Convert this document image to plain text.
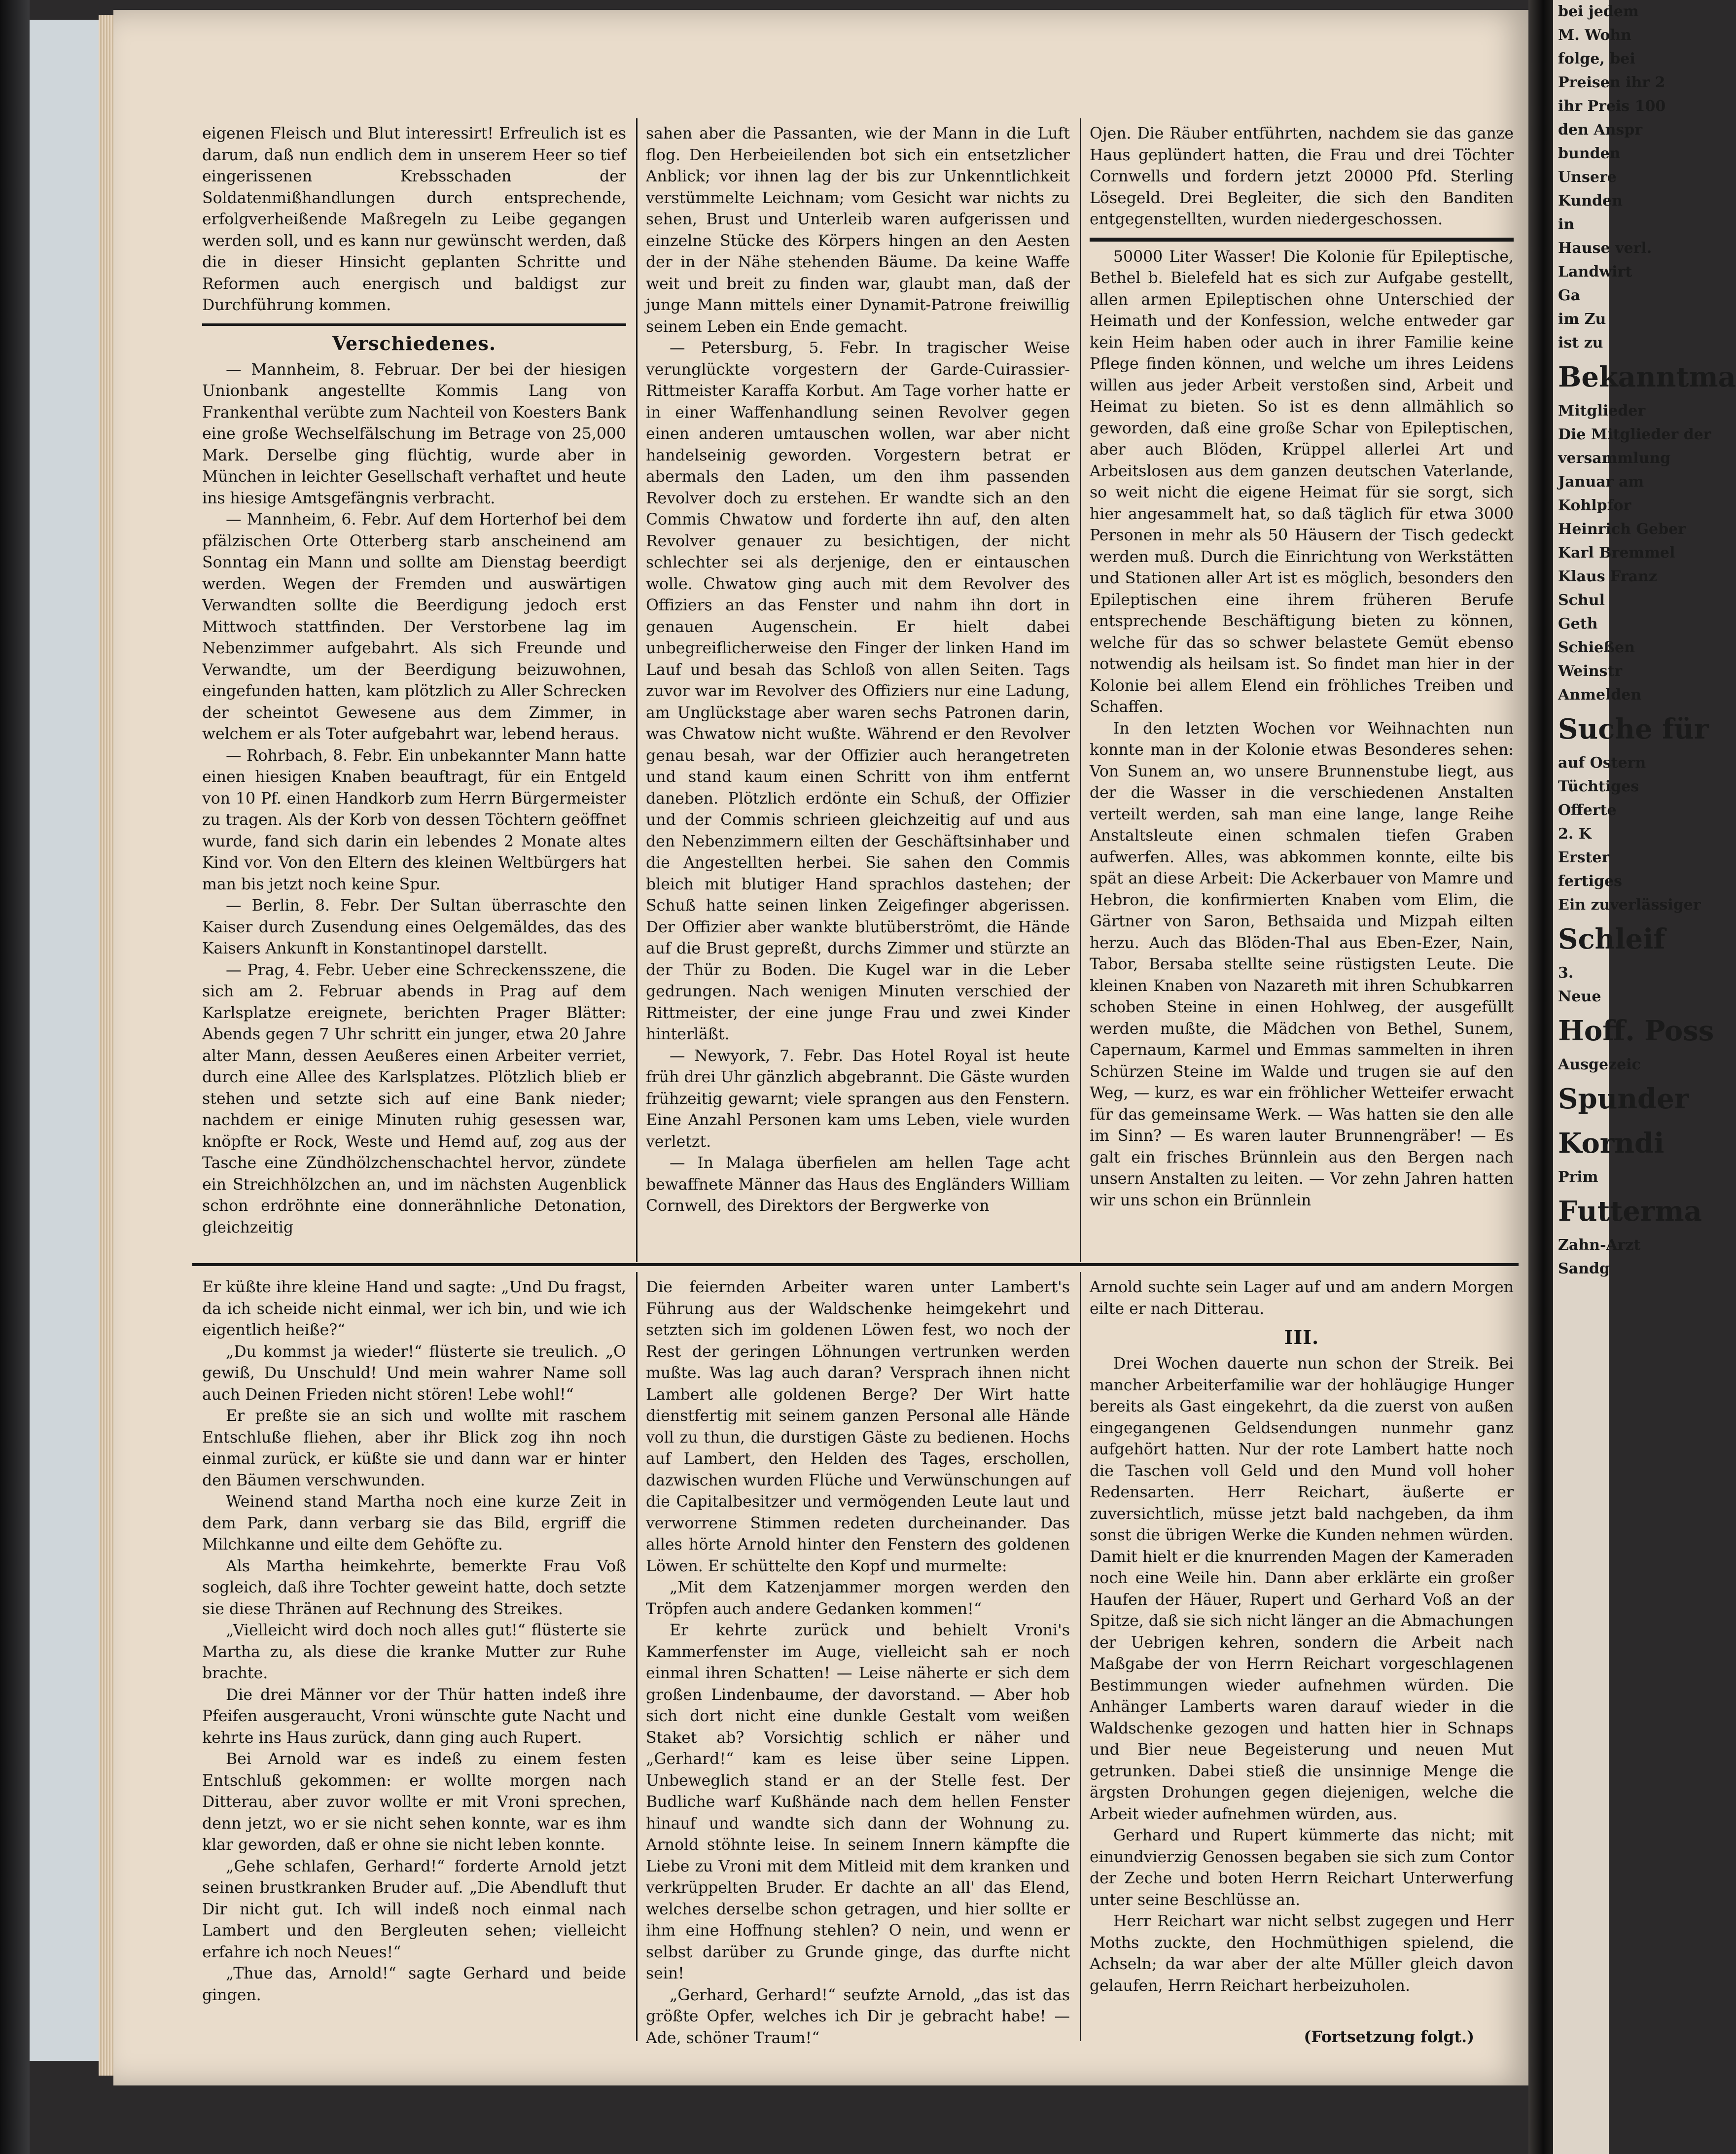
eigenen Fleisch und Blut interessirt! Erfreulich ist es darum, daß nun endlich dem in unserem Heer so tief eingerissenen Krebsschaden der Soldatenmißhandlungen durch entsprechende, erfolgverheißende Maßregeln zu Leibe gegangen werden soll, und es kann nur gewünscht werden, daß die in dieser Hinsicht geplanten Schritte und Reformen auch energisch und baldigst zur Durchführung kommen.

Verschiedenes.

— Mannheim, 8. Februar. Der bei der hiesigen Unionbank angestellte Kommis Lang von Frankenthal verübte zum Nachteil von Koesters Bank eine große Wechselfälschung im Betrage von 25,000 Mark. Derselbe ging flüchtig, wurde aber in München in leichter Gesellschaft verhaftet und heute ins hiesige Amtsgefängnis verbracht.

— Mannheim, 6. Febr. Auf dem Horterhof bei dem pfälzischen Orte Otterberg starb anscheinend am Sonntag ein Mann und sollte am Dienstag beerdigt werden. Wegen der Fremden und auswärtigen Verwandten sollte die Beerdigung jedoch erst Mittwoch stattfinden. Der Verstorbene lag im Nebenzimmer aufgebahrt. Als sich Freunde und Verwandte, um der Beerdigung beizuwohnen, eingefunden hatten, kam plötzlich zu Aller Schrecken der scheintot Gewesene aus dem Zimmer, in welchem er als Toter aufgebahrt war, lebend heraus.

— Rohrbach, 8. Febr. Ein unbekannter Mann hatte einen hiesigen Knaben beauftragt, für ein Entgeld von 10 Pf. einen Handkorb zum Herrn Bürgermeister zu tragen. Als der Korb von dessen Töchtern geöffnet wurde, fand sich darin ein lebendes 2 Monate altes Kind vor. Von den Eltern des kleinen Weltbürgers hat man bis jetzt noch keine Spur.

— Berlin, 8. Febr. Der Sultan überraschte den Kaiser durch Zusendung eines Oelgemäldes, das des Kaisers Ankunft in Konstantinopel darstellt.

— Prag, 4. Febr. Ueber eine Schreckensszene, die sich am 2. Februar abends in Prag auf dem Karlsplatze ereignete, berichten Prager Blätter: Abends gegen 7 Uhr schritt ein junger, etwa 20 Jahre alter Mann, dessen Aeußeres einen Arbeiter verriet, durch eine Allee des Karlsplatzes. Plötzlich blieb er stehen und setzte sich auf eine Bank nieder; nachdem er einige Minuten ruhig gesessen war, knöpfte er Rock, Weste und Hemd auf, zog aus der Tasche eine Zündhölzchenschachtel hervor, zündete ein Streichhölzchen an, und im nächsten Augenblick schon erdröhnte eine donnerähnliche Detonation, gleichzeitig

sahen aber die Passanten, wie der Mann in die Luft flog. Den Herbeieilenden bot sich ein entsetzlicher Anblick; vor ihnen lag der bis zur Unkenntlichkeit verstümmelte Leichnam; vom Gesicht war nichts zu sehen, Brust und Unterleib waren aufgerissen und einzelne Stücke des Körpers hingen an den Aesten der in der Nähe stehenden Bäume. Da keine Waffe weit und breit zu finden war, glaubt man, daß der junge Mann mittels einer Dynamit-Patrone freiwillig seinem Leben ein Ende gemacht.

— Petersburg, 5. Febr. In tragischer Weise verunglückte vorgestern der Garde-Cuirassier-Rittmeister Karaffa Korbut. Am Tage vorher hatte er in einer Waffenhandlung seinen Revolver gegen einen anderen umtauschen wollen, war aber nicht handelseinig geworden. Vorgestern betrat er abermals den Laden, um den ihm passenden Revolver doch zu erstehen. Er wandte sich an den Commis Chwatow und forderte ihn auf, den alten Revolver genauer zu besichtigen, der nicht schlechter sei als derjenige, den er eintauschen wolle. Chwatow ging auch mit dem Revolver des Offiziers an das Fenster und nahm ihn dort in genauen Augenschein. Er hielt dabei unbegreiflicherweise den Finger der linken Hand im Lauf und besah das Schloß von allen Seiten. Tags zuvor war im Revolver des Offiziers nur eine Ladung, am Unglückstage aber waren sechs Patronen darin, was Chwatow nicht wußte. Während er den Revolver genau besah, war der Offizier auch herangetreten und stand kaum einen Schritt von ihm entfernt daneben. Plötzlich erdönte ein Schuß, der Offizier und der Commis schrieen gleichzeitig auf und aus den Nebenzimmern eilten der Geschäftsinhaber und die Angestellten herbei. Sie sahen den Commis bleich mit blutiger Hand sprachlos dastehen; der Schuß hatte seinen linken Zeigefinger abgerissen. Der Offizier aber wankte blutüberströmt, die Hände auf die Brust gepreßt, durchs Zimmer und stürzte an der Thür zu Boden. Die Kugel war in die Leber gedrungen. Nach wenigen Minuten verschied der Rittmeister, der eine junge Frau und zwei Kinder hinterläßt.

— Newyork, 7. Febr. Das Hotel Royal ist heute früh drei Uhr gänzlich abgebrannt. Die Gäste wurden frühzeitig gewarnt; viele sprangen aus den Fenstern. Eine Anzahl Personen kam ums Leben, viele wurden verletzt.

— In Malaga überfielen am hellen Tage acht bewaffnete Männer das Haus des Engländers William Cornwell, des Direktors der Bergwerke von

Ojen. Die Räuber entführten, nachdem sie das ganze Haus geplündert hatten, die Frau und drei Töchter Cornwells und fordern jetzt 20000 Pfd. Sterling Lösegeld. Drei Begleiter, die sich den Banditen entgegenstellten, wurden niedergeschossen.

50000 Liter Wasser! Die Kolonie für Epileptische, Bethel b. Bielefeld hat es sich zur Aufgabe gestellt, allen armen Epileptischen ohne Unterschied der Heimath und der Konfession, welche entweder gar kein Heim haben oder auch in ihrer Familie keine Pflege finden können, und welche um ihres Leidens willen aus jeder Arbeit verstoßen sind, Arbeit und Heimat zu bieten. So ist es denn allmählich so geworden, daß eine große Schar von Epileptischen, aber auch Blöden, Krüppel allerlei Art und Arbeitslosen aus dem ganzen deutschen Vaterlande, so weit nicht die eigene Heimat für sie sorgt, sich hier angesammelt hat, so daß täglich für etwa 3000 Personen in mehr als 50 Häusern der Tisch gedeckt werden muß. Durch die Einrichtung von Werkstätten und Stationen aller Art ist es möglich, besonders den Epileptischen eine ihrem früheren Berufe entsprechende Beschäftigung bieten zu können, welche für das so schwer belastete Gemüt ebenso notwendig als heilsam ist. So findet man hier in der Kolonie bei allem Elend ein fröhliches Treiben und Schaffen.

In den letzten Wochen vor Weihnachten nun konnte man in der Kolonie etwas Besonderes sehen: Von Sunem an, wo unsere Brunnenstube liegt, aus der die Wasser in die verschiedenen Anstalten verteilt werden, sah man eine lange, lange Reihe Anstaltsleute einen schmalen tiefen Graben aufwerfen. Alles, was abkommen konnte, eilte bis spät an diese Arbeit: Die Ackerbauer von Mamre und Hebron, die konfirmierten Knaben vom Elim, die Gärtner von Saron, Bethsaida und Mizpah eilten herzu. Auch das Blöden-Thal aus Eben-Ezer, Nain, Tabor, Bersaba stellte seine rüstigsten Leute. Die kleinen Knaben von Nazareth mit ihren Schubkarren schoben Steine in einen Hohlweg, der ausgefüllt werden mußte, die Mädchen von Bethel, Sunem, Capernaum, Karmel und Emmas sammelten in ihren Schürzen Steine im Walde und trugen sie auf den Weg, — kurz, es war ein fröhlicher Wetteifer erwacht für das gemeinsame Werk. — Was hatten sie den alle im Sinn? — Es waren lauter Brunnengräber! — Es galt ein frisches Brünnlein aus den Bergen nach unsern Anstalten zu leiten. — Vor zehn Jahren hatten wir uns schon ein Brünnlein

Er küßte ihre kleine Hand und sagte: „Und Du fragst, da ich scheide nicht einmal, wer ich bin, und wie ich eigentlich heiße?“

„Du kommst ja wieder!“ flüsterte sie treulich. „O gewiß, Du Unschuld! Und mein wahrer Name soll auch Deinen Frieden nicht stören! Lebe wohl!“

Er preßte sie an sich und wollte mit raschem Entschluße fliehen, aber ihr Blick zog ihn noch einmal zurück, er küßte sie und dann war er hinter den Bäumen verschwunden.

Weinend stand Martha noch eine kurze Zeit in dem Park, dann verbarg sie das Bild, ergriff die Milchkanne und eilte dem Gehöfte zu.

Als Martha heimkehrte, bemerkte Frau Voß sogleich, daß ihre Tochter geweint hatte, doch setzte sie diese Thränen auf Rechnung des Streikes.

„Vielleicht wird doch noch alles gut!“ flüsterte sie Martha zu, als diese die kranke Mutter zur Ruhe brachte.

Die drei Männer vor der Thür hatten indeß ihre Pfeifen ausgeraucht, Vroni wünschte gute Nacht und kehrte ins Haus zurück, dann ging auch Rupert.

Bei Arnold war es indeß zu einem festen Entschluß gekommen: er wollte morgen nach Ditterau, aber zuvor wollte er mit Vroni sprechen, denn jetzt, wo er sie nicht sehen konnte, war es ihm klar geworden, daß er ohne sie nicht leben konnte.

„Gehe schlafen, Gerhard!“ forderte Arnold jetzt seinen brustkranken Bruder auf. „Die Abendluft thut Dir nicht gut. Ich will indeß noch einmal nach Lambert und den Bergleuten sehen; vielleicht erfahre ich noch Neues!“

„Thue das, Arnold!“ sagte Gerhard und beide gingen.

Die feiernden Arbeiter waren unter Lambert's Führung aus der Waldschenke heimgekehrt und setzten sich im goldenen Löwen fest, wo noch der Rest der geringen Löhnungen vertrunken werden mußte. Was lag auch daran? Versprach ihnen nicht Lambert alle goldenen Berge? Der Wirt hatte dienstfertig mit seinem ganzen Personal alle Hände voll zu thun, die durstigen Gäste zu bedienen. Hochs auf Lambert, den Helden des Tages, erschollen, dazwischen wurden Flüche und Verwünschungen auf die Capitalbesitzer und vermögenden Leute laut und verworrene Stimmen redeten durcheinander. Das alles hörte Arnold hinter den Fenstern des goldenen Löwen. Er schüttelte den Kopf und murmelte:

„Mit dem Katzenjammer morgen werden den Tröpfen auch andere Gedanken kommen!“

Er kehrte zurück und behielt Vroni's Kammerfenster im Auge, vielleicht sah er noch einmal ihren Schatten! — Leise näherte er sich dem großen Lindenbaume, der davorstand. — Aber hob sich dort nicht eine dunkle Gestalt vom weißen Staket ab? Vorsichtig schlich er näher und „Gerhard!“ kam es leise über seine Lippen. Unbeweglich stand er an der Stelle fest. Der Budliche warf Kußhände nach dem hellen Fenster hinauf und wandte sich dann der Wohnung zu. Arnold stöhnte leise. In seinem Innern kämpfte die Liebe zu Vroni mit dem Mitleid mit dem kranken und verkrüppelten Bruder. Er dachte an all' das Elend, welches derselbe schon getragen, und hier sollte er ihm eine Hoffnung stehlen? O nein, und wenn er selbst darüber zu Grunde ginge, das durfte nicht sein!

„Gerhard, Gerhard!“ seufzte Arnold, „das ist das größte Opfer, welches ich Dir je gebracht habe! — Ade, schöner Traum!“

Arnold suchte sein Lager auf und am andern Morgen eilte er nach Ditterau.

III.

Drei Wochen dauerte nun schon der Streik. Bei mancher Arbeiterfamilie war der hohläugige Hunger bereits als Gast eingekehrt, da die zuerst von außen eingegangenen Geldsendungen nunmehr ganz aufgehört hatten. Nur der rote Lambert hatte noch die Taschen voll Geld und den Mund voll hoher Redensarten. Herr Reichart, äußerte er zuversichtlich, müsse jetzt bald nachgeben, da ihm sonst die übrigen Werke die Kunden nehmen würden. Damit hielt er die knurrenden Magen der Kameraden noch eine Weile hin. Dann aber erklärte ein großer Haufen der Häuer, Rupert und Gerhard Voß an der Spitze, daß sie sich nicht länger an die Abmachungen der Uebrigen kehren, sondern die Arbeit nach Maßgabe der von Herrn Reichart vorgeschlagenen Bestimmungen wieder aufnehmen würden. Die Anhänger Lamberts waren darauf wieder in die Waldschenke gezogen und hatten hier in Schnaps und Bier neue Begeisterung und neuen Mut getrunken. Dabei stieß die unsinnige Menge die ärgsten Drohungen gegen diejenigen, welche die Arbeit wieder aufnehmen würden, aus.

Gerhard und Rupert kümmerte das nicht; mit einundvierzig Genossen begaben sie sich zum Contor der Zeche und boten Herrn Reichart Unterwerfung unter seine Beschlüsse an.

Herr Reichart war nicht selbst zugegen und Herr Moths zuckte, den Hochmüthigen spielend, die Achseln; da war aber der alte Müller gleich davon gelaufen, Herrn Reichart herbeizuholen.

(Fortsetzung folgt.)
bei jedem
M. Wohn
folge, bei
Preisen ihr 2
ihr Preis 100
den Anspr
bunden
Unsere
Kunden
in
Hause verl.
Landwirt
Ga
im Zu
ist zu
Bekanntma
Mitglieder
Die Mitglieder der
versammlung
Januar am
Kohlpfor
Heinrich Geber
Karl Bremmel
Klaus Franz
Schul
Geth
Schießen
Weinstr
Anmelden
Suche für
auf Ostern
Tüchtiges
Offerte
2. K
Erster
fertiges
Ein zuverlässiger
Schleif
3.
Neue
Hoff. Poss
Ausgezeic
Spunder
Korndi
Prim
Futterma
Zahn-Arzt
Sandg
